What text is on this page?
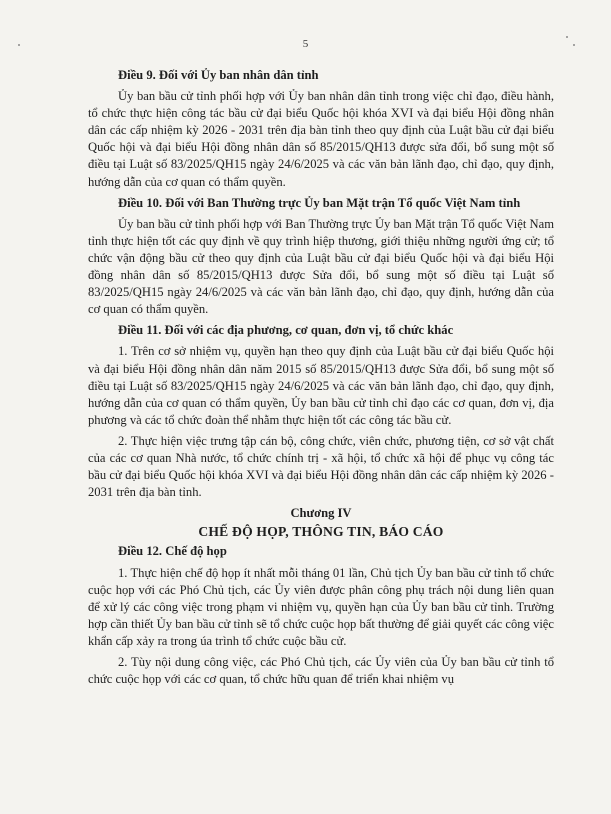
5
Điều 9. Đối với Ủy ban nhân dân tỉnh

Ủy ban bầu cử tỉnh phối hợp với Ủy ban nhân dân tỉnh trong việc chỉ đạo, điều hành, tổ chức thực hiện công tác bầu cử đại biểu Quốc hội khóa XVI và đại biểu Hội đồng nhân dân các cấp nhiệm kỳ 2026 - 2031 trên địa bàn tỉnh theo quy định của Luật bầu cử đại biểu Quốc hội và đại biểu Hội đồng nhân dân số 85/2015/QH13 được sửa đổi, bổ sung một số điều tại Luật số 83/2025/QH15 ngày 24/6/2025 và các văn bản lãnh đạo, chỉ đạo, quy định, hướng dẫn của cơ quan có thẩm quyền.

Điều 10. Đối với Ban Thường trực Ủy ban Mặt trận Tổ quốc Việt Nam tỉnh

Ủy ban bầu cử tỉnh phối hợp với Ban Thường trực Ủy ban Mặt trận Tổ quốc Việt Nam tỉnh thực hiện tốt các quy định về quy trình hiệp thương, giới thiệu những người ứng cử; tổ chức vận động bầu cử theo quy định của Luật bầu cử đại biểu Quốc hội và đại biểu Hội đồng nhân dân số 85/2015/QH13 được Sửa đổi, bổ sung một số điều tại Luật số 83/2025/QH15 ngày 24/6/2025 và các văn bản lãnh đạo, chỉ đạo, quy định, hướng dẫn của cơ quan có thẩm quyền.

Điều 11. Đối với các địa phương, cơ quan, đơn vị, tổ chức khác

1. Trên cơ sở nhiệm vụ, quyền hạn theo quy định của Luật bầu cử đại biểu Quốc hội và đại biểu Hội đồng nhân dân năm 2015 số 85/2015/QH13 được Sửa đổi, bổ sung một số điều tại Luật số 83/2025/QH15 ngày 24/6/2025 và các văn bản lãnh đạo, chỉ đạo, quy định, hướng dẫn của cơ quan có thẩm quyền, Ủy ban bầu cử tỉnh chỉ đạo các cơ quan, đơn vị, địa phương và các tổ chức đoàn thể nhằm thực hiện tốt các công tác bầu cử.

2. Thực hiện việc trưng tập cán bộ, công chức, viên chức, phương tiện, cơ sở vật chất của các cơ quan Nhà nước, tổ chức chính trị - xã hội, tổ chức xã hội để phục vụ công tác bầu cử đại biểu Quốc hội khóa XVI và đại biểu Hội đồng nhân dân các cấp nhiệm kỳ 2026 - 2031 trên địa bàn tỉnh.

Chương IV
CHẾ ĐỘ HỌP, THÔNG TIN, BÁO CÁO
Điều 12. Chế độ họp

1. Thực hiện chế độ họp ít nhất mỗi tháng 01 lần, Chủ tịch Ủy ban bầu cử tỉnh tổ chức cuộc họp với các Phó Chủ tịch, các Ủy viên được phân công phụ trách nội dung liên quan để xử lý các công việc trong phạm vi nhiệm vụ, quyền hạn của Ủy ban bầu cử tỉnh. Trường hợp cần thiết Ủy ban bầu cử tỉnh sẽ tổ chức cuộc họp bất thường để giải quyết các công việc khẩn cấp xảy ra trong úa trình tổ chức cuộc bầu cử.

2. Tùy nội dung công việc, các Phó Chủ tịch, các Ủy viên của Ủy ban bầu cử tỉnh tổ chức cuộc họp với các cơ quan, tổ chức hữu quan để triển khai nhiệm vụ
